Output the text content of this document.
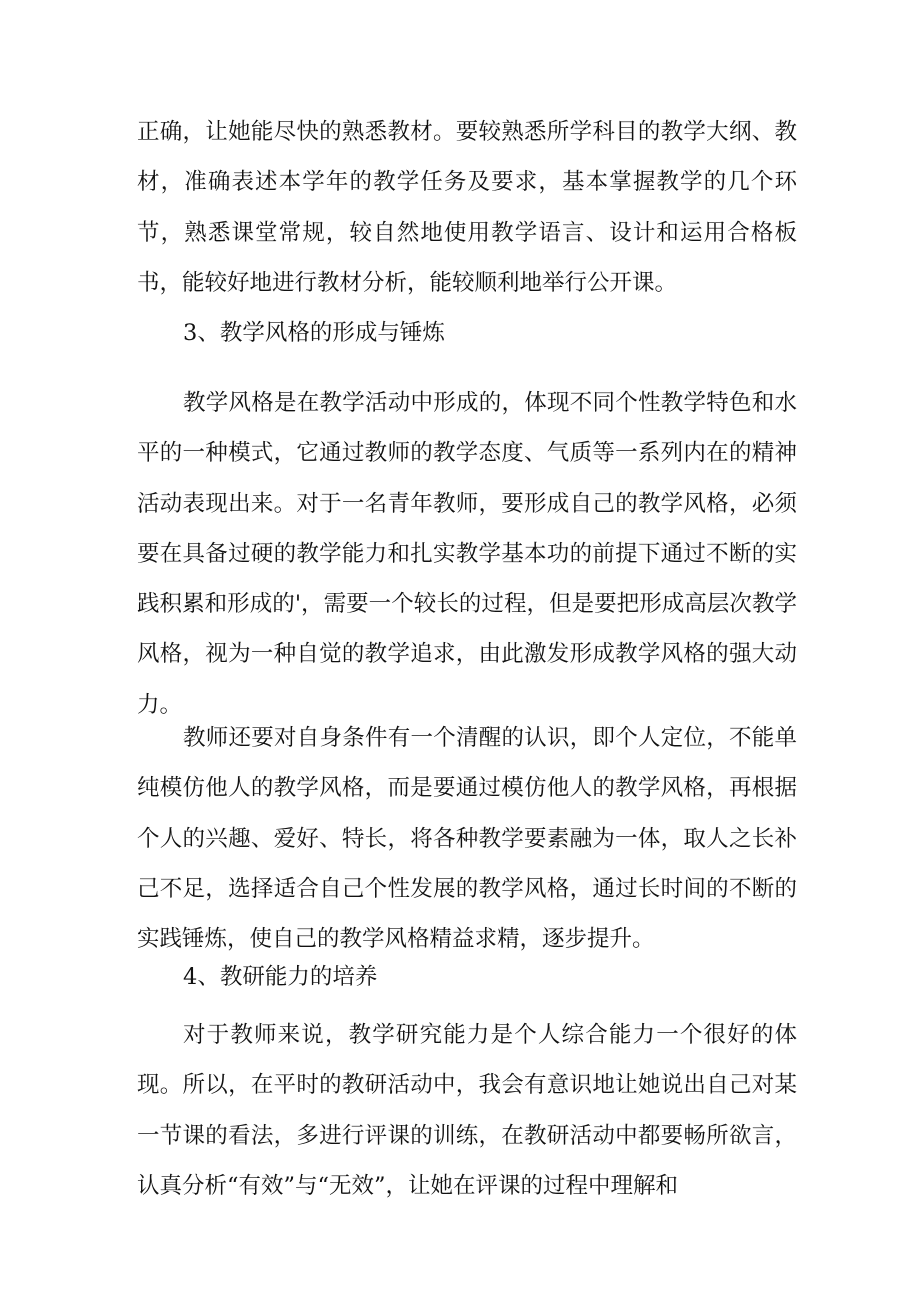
正确，让她能尽快的熟悉教材。要较熟悉所学科目的教学大纲、教材，准确表述本学年的教学任务及要求，基本掌握教学的几个环节，熟悉课堂常规，较自然地使用教学语言、设计和运用合格板书，能较好地进行教材分析，能较顺利地举行公开课。

3、教学风格的形成与锤炼

教学风格是在教学活动中形成的，体现不同个性教学特色和水平的一种模式，它通过教师的教学态度、气质等一系列内在的精神活动表现出来。对于一名青年教师，要形成自己的教学风格，必须要在具备过硬的教学能力和扎实教学基本功的前提下通过不断的实践积累和形成的'，需要一个较长的过程，但是要把形成高层次教学风格，视为一种自觉的教学追求，由此激发形成教学风格的强大动力。

教师还要对自身条件有一个清醒的认识，即个人定位，不能单纯模仿他人的教学风格，而是要通过模仿他人的教学风格，再根据个人的兴趣、爱好、特长，将各种教学要素融为一体，取人之长补己不足，选择适合自己个性发展的教学风格，通过长时间的不断的实践锤炼，使自己的教学风格精益求精，逐步提升。

4、教研能力的培养

对于教师来说，教学研究能力是个人综合能力一个很好的体现。所以，在平时的教研活动中，我会有意识地让她说出自己对某一节课的看法，多进行评课的训练，在教研活动中都要畅所欲言，认真分析“有效”与“无效”，让她在评课的过程中理解和
